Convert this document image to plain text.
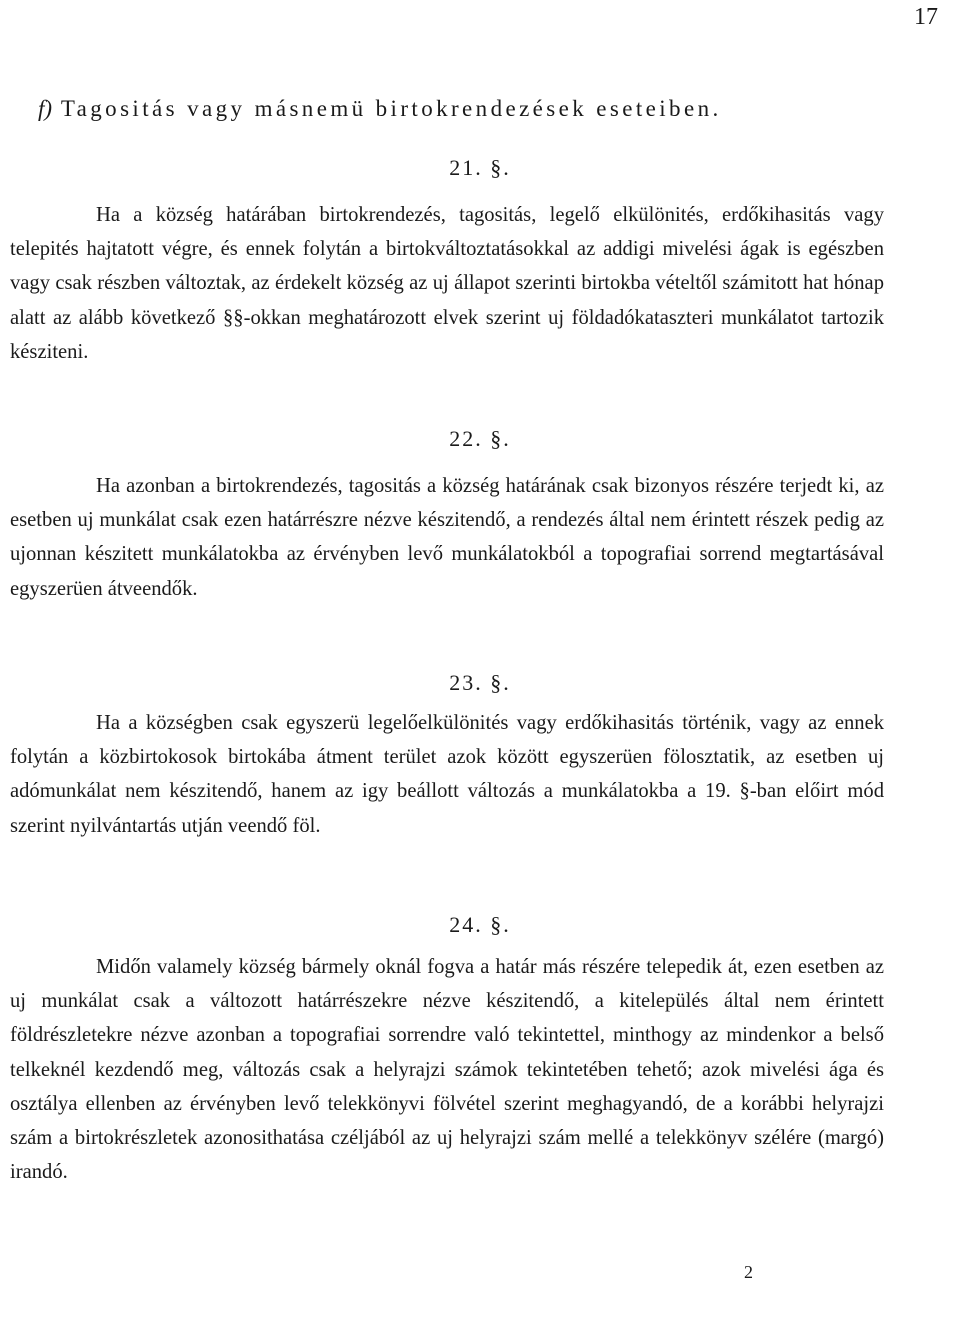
17
f) Tagositás vagy másnemü birtokrendezések eseteiben.
21. §.
Ha a község határában birtokrendezés, tagositás, legelő elkülönités, erdőkihasitás vagy telepités hajtatott végre, és ennek folytán a birtokváltoztatásokkal az addigi mivelési ágak is egészben vagy csak részben változtak, az érdekelt község az uj állapot szerinti birtokba vételtől számitott hat hónap alatt az alább következő §§-okkan meghatározott elvek szerint uj földadókataszteri munkálatot tartozik késziteni.
22. §.
Ha azonban a birtokrendezés, tagositás a község határának csak bizonyos részére terjedt ki, az esetben uj munkálat csak ezen határrészre nézve készitendő, a rendezés által nem érintett részek pedig az ujonnan készitett munkálatokba az érvényben levő munkálatokból a topografiai sorrend megtartásával egyszerüen átveendők.
23. §.
Ha a községben csak egyszerü legelőelkülönités vagy erdőkihasitás történik, vagy az ennek folytán a közbirtokosok birtokába átment terület azok között egyszerüen fölosztatik, az esetben uj adómunkálat nem készitendő, hanem az igy beállott változás a munkálatokba a 19. §-ban előirt mód szerint nyilvántartás utján veendő föl.
24. §.
Midőn valamely község bármely oknál fogva a határ más részére telepedik át, ezen esetben az uj munkálat csak a változott határrészekre nézve készitendő, a kitelepülés által nem érintett földrészletekre nézve azonban a topografiai sorrendre való tekintettel, minthogy az mindenkor a belső telkeknél kezdendő meg, változás csak a helyrajzi számok tekintetében tehető; azok mivelési ága és osztálya ellenben az érvényben levő telekkönyvi fölvétel szerint meghagyandó, de a korábbi helyrajzi szám a birtokrészletek azonosithatása czéljából az uj helyrajzi szám mellé a telekkönyv szélére (margó) irandó.
2
